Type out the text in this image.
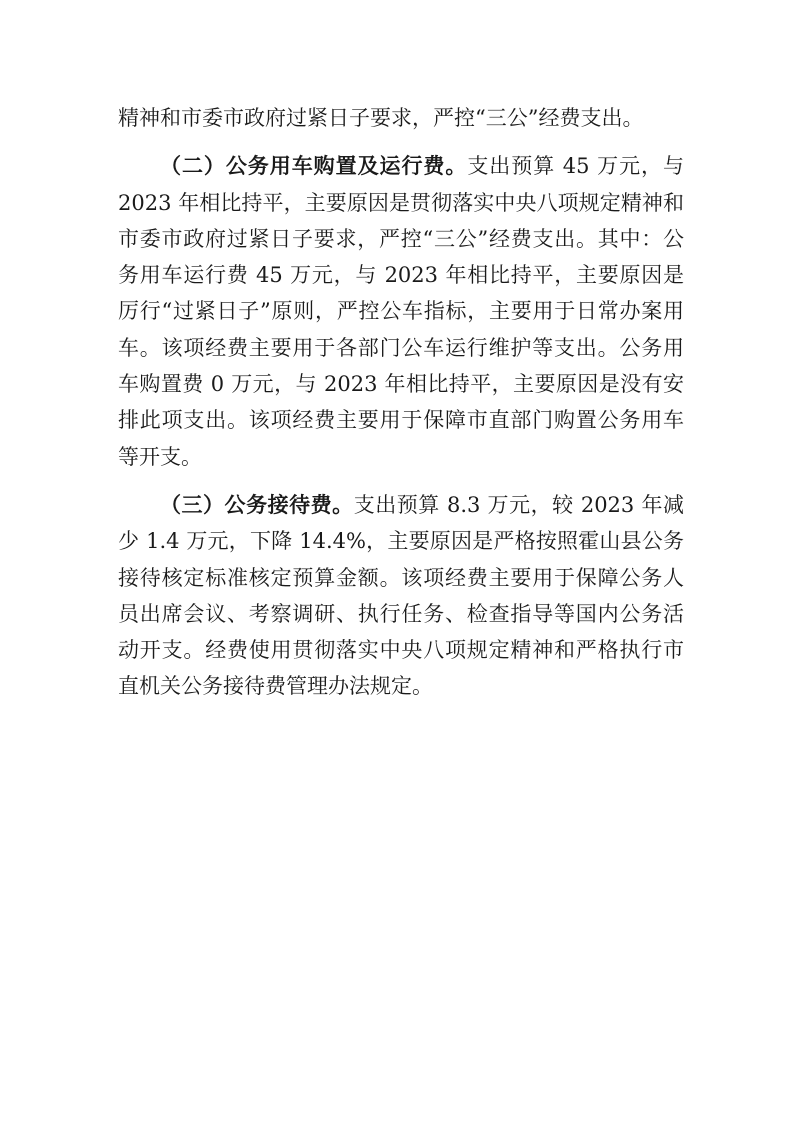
精神和市委市政府过紧日子要求，严控“三公”经费支出。

（二）公务用车购置及运行费。支出预算 45 万元，与 2023 年相比持平，主要原因是贯彻落实中央八项规定精神和市委市政府过紧日子要求，严控“三公”经费支出。其中：公务用车运行费 45 万元，与 2023 年相比持平，主要原因是厉行“过紧日子”原则，严控公车指标，主要用于日常办案用车。该项经费主要用于各部门公车运行维护等支出。公务用车购置费 0 万元，与 2023 年相比持平，主要原因是没有安排此项支出。该项经费主要用于保障市直部门购置公务用车等开支。

（三）公务接待费。支出预算 8.3 万元，较 2023 年减少 1.4 万元，下降 14.4%，主要原因是严格按照霍山县公务接待核定标准核定预算金额。该项经费主要用于保障公务人员出席会议、考察调研、执行任务、检查指导等国内公务活动开支。经费使用贯彻落实中央八项规定精神和严格执行市直机关公务接待费管理办法规定。
